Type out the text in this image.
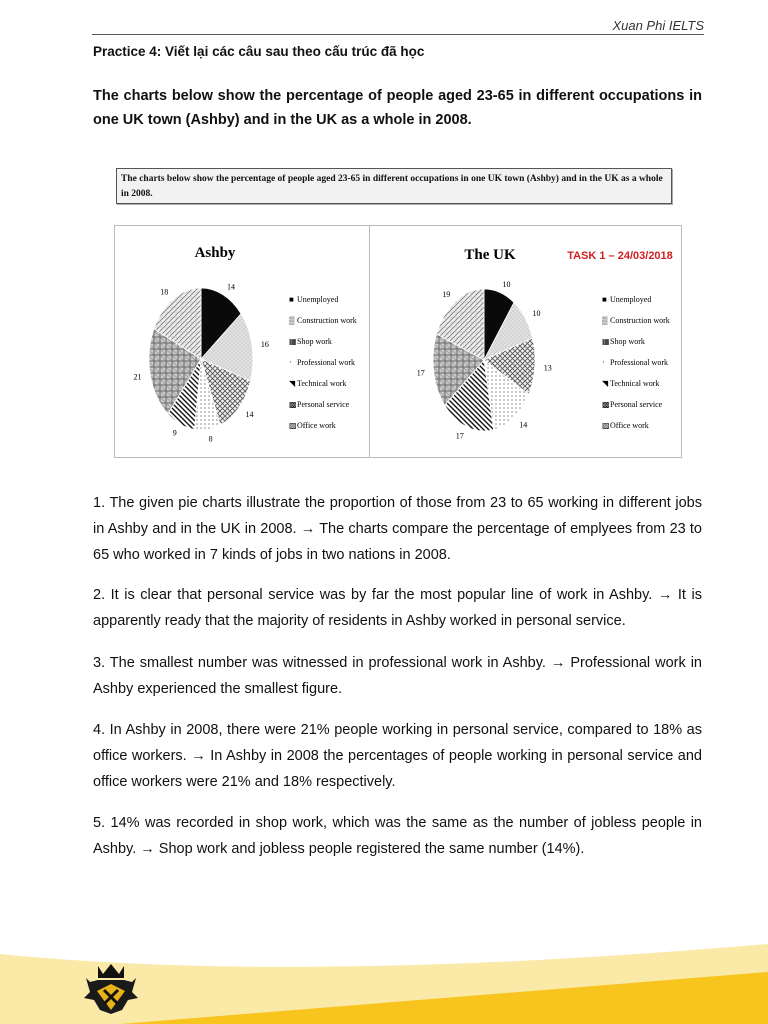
Xuan Phi IELTS
Practice 4: Viết lại các câu sau theo cấu trúc đã học
The charts below show the percentage of people aged 23-65 in different occupations in one UK town (Ashby) and in the UK as a whole in 2008.
The charts below show the percentage of people aged 23-65 in different occupations in one UK town (Ashby) and in the UK as a whole in 2008.
Ashby
14
16
14
8
9
21
18
■ Unemployed
▒ Construction work
▦ Shop work
· Professional work
◥ Technical work
▩ Personal service
▨ Office work
The UK
10
10
13
14
17
17
19
■ Unemployed
▒ Construction work
▦ Shop work
· Professional work
◥ Technical work
▩ Personal service
▨ Office work
TASK 1 – 24/03/2018
1. The given pie charts illustrate the proportion of those from 23 to 65 working in different jobs in Ashby and in the UK in 2008. → The charts compare the percentage of emplyees from 23 to 65 who worked in 7 kinds of jobs in two nations in 2008.
2. It is clear that personal service was by far the most popular line of work in Ashby. → It is apparently ready that the majority of residents in Ashby worked in personal service.
3. The smallest number was witnessed in professional work in Ashby. → Professional work in Ashby experienced the smallest figure.
4. In Ashby in 2008, there were 21% people working in personal service, compared to 18% as office workers. → In Ashby in 2008 the percentages of people working in personal service and office workers were 21% and 18% respectively.
5. 14% was recorded in shop work, which was the same as the number of jobless people in Ashby. → Shop work and jobless people registered the same number (14%).
